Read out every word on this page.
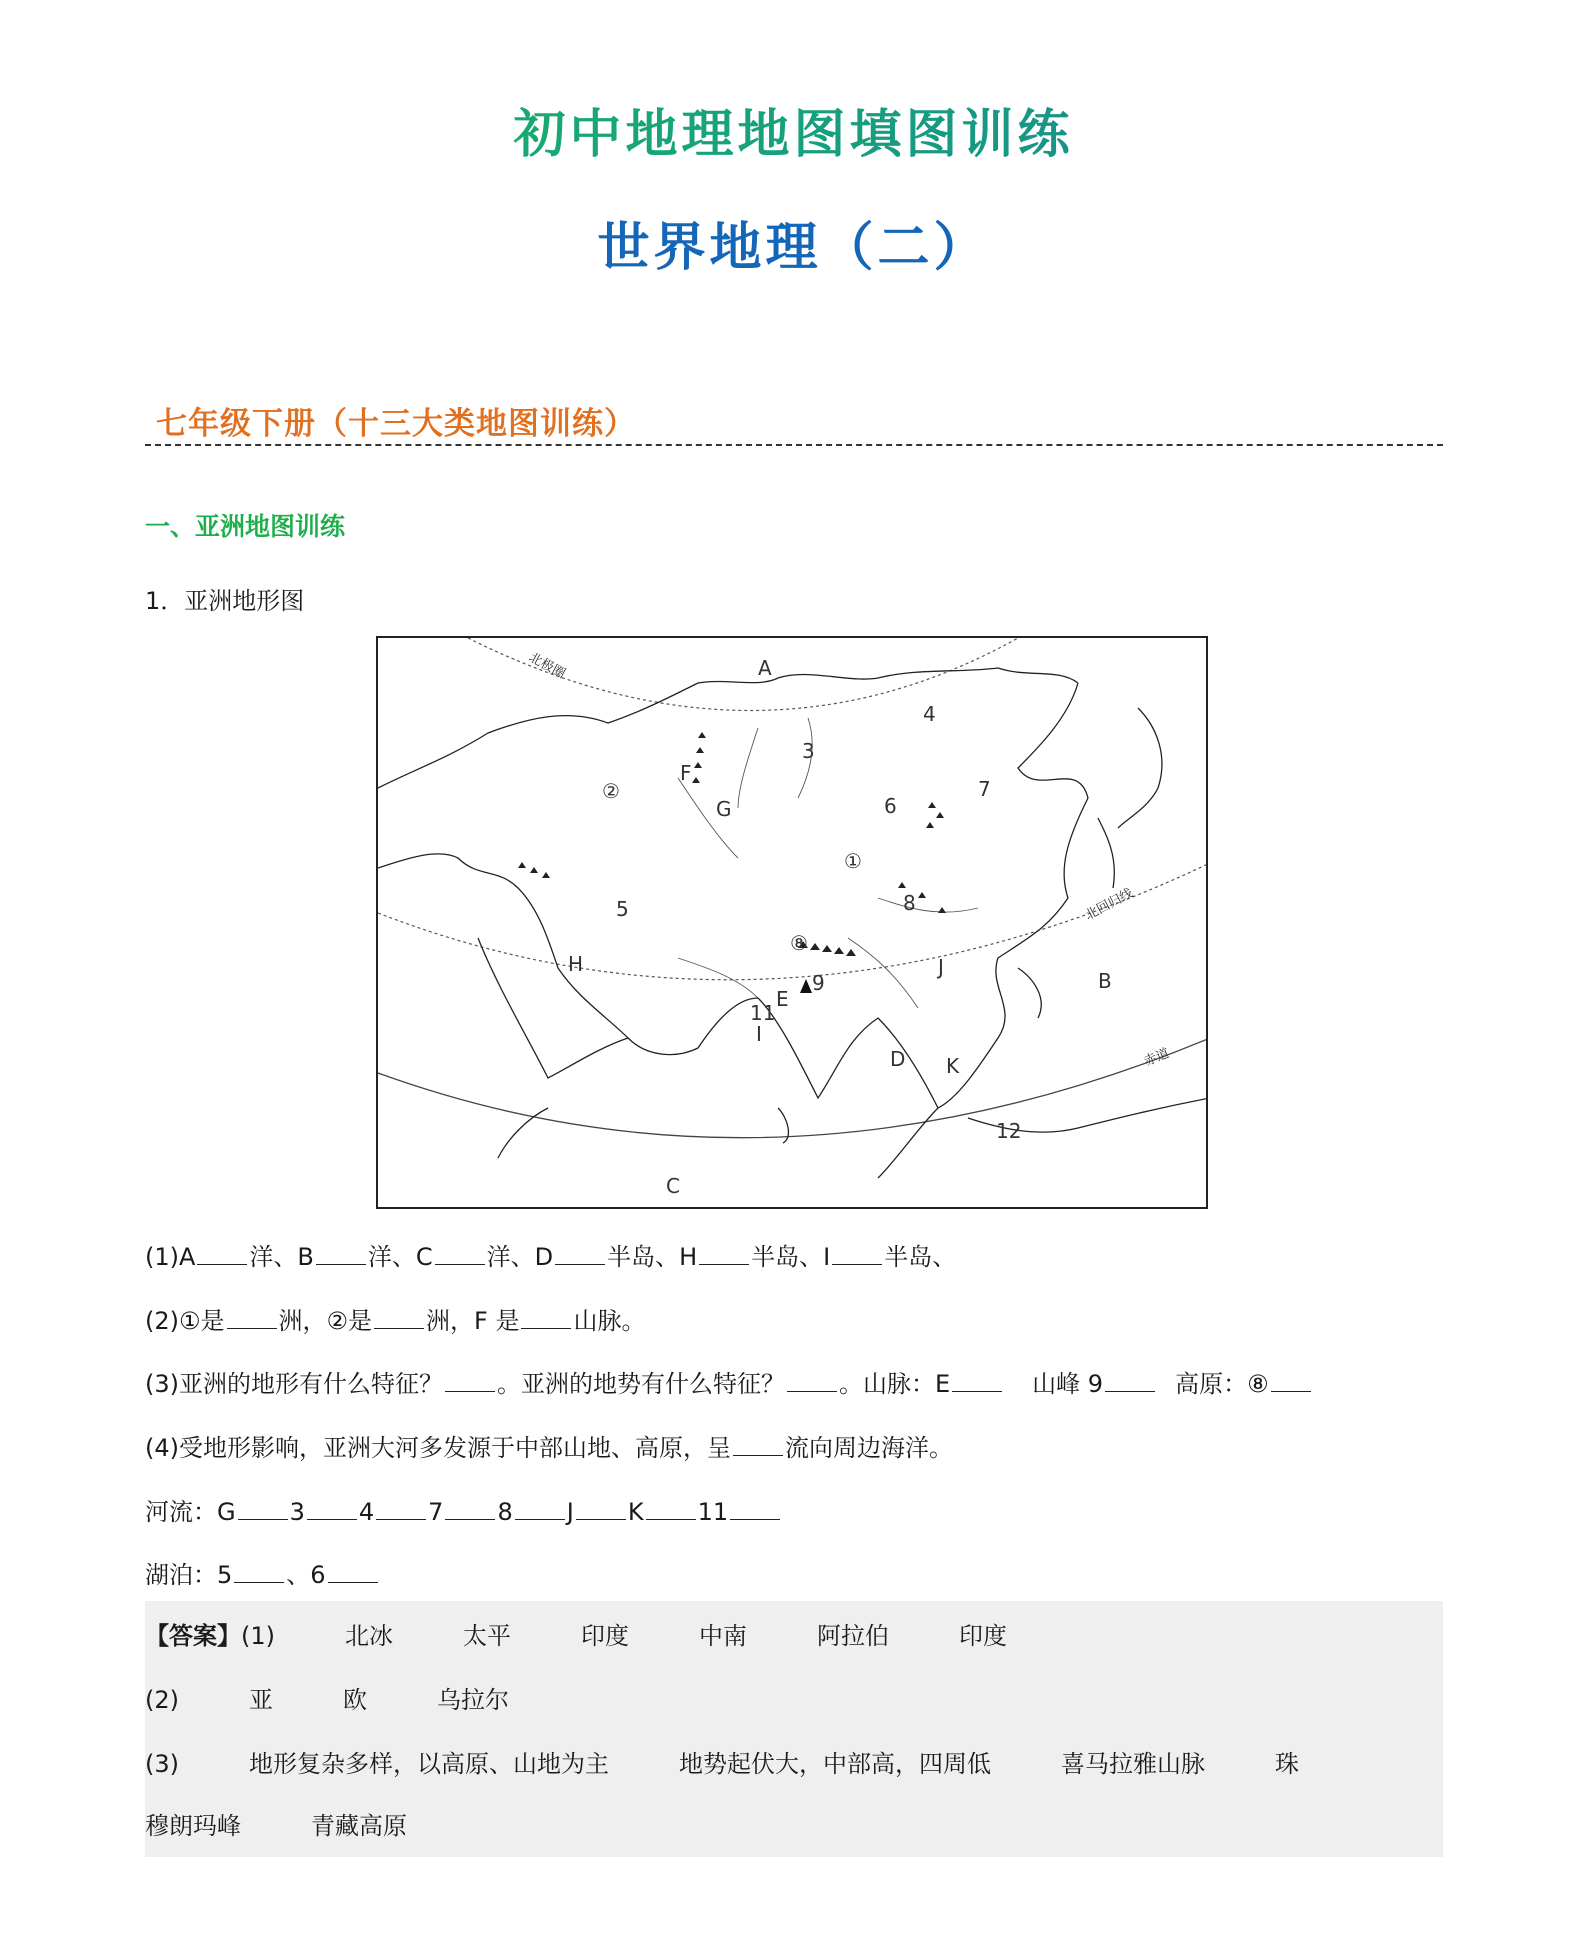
初中地理地图填图训练
世界地理（二）
七年级下册（十三大类地图训练）
一、亚洲地图训练
1．亚洲地形图
A
B
C
D
E
F
G
H
I
J
K
①
②
⑧
3
4
5
6
7
8
9
11
12
北极圈
北回归线
赤道
(1)A 洋、B 洋、C 洋、D 半岛、H 半岛、I 半岛、
(2)①是 洲，②是 洲，F 是 山脉。
(3)亚洲的地形有什么特征？ 。亚洲的地势有什么特征？ 。山脉：E	山峰 9	高原：⑧
(4)受地形影响，亚洲大河多发源于中部山地、高原，呈 流向周边海洋。
河流：G 3 4 7 8 J K 11
湖泊：5 、6
【答案】(1)	北冰	太平	印度	中南	阿拉伯	印度
(2)	亚	欧	乌拉尔
(3)	地形复杂多样，以高原、山地为主	地势起伏大，中部高，四周低	喜马拉雅山脉	珠
穆朗玛峰	青藏高原
